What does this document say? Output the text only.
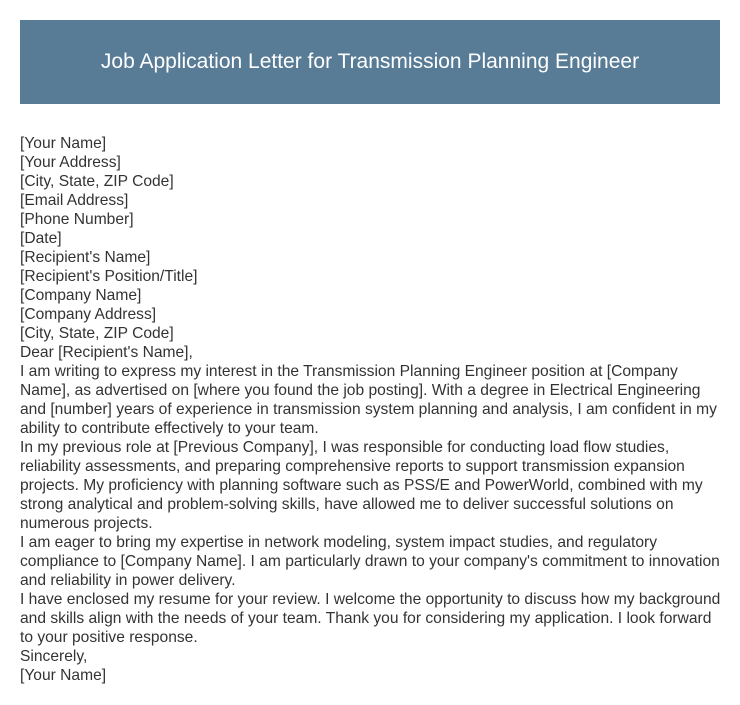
Job Application Letter for Transmission Planning Engineer
[Your Name]
[Your Address]
[City, State, ZIP Code]
[Email Address]
[Phone Number]
[Date]
[Recipient's Name]
[Recipient's Position/Title]
[Company Name]
[Company Address]
[City, State, ZIP Code]
Dear [Recipient's Name],
I am writing to express my interest in the Transmission Planning Engineer position at [Company Name], as advertised on [where you found the job posting]. With a degree in Electrical Engineering and [number] years of experience in transmission system planning and analysis, I am confident in my ability to contribute effectively to your team.
In my previous role at [Previous Company], I was responsible for conducting load flow studies, reliability assessments, and preparing comprehensive reports to support transmission expansion projects. My proficiency with planning software such as PSS/E and PowerWorld, combined with my strong analytical and problem-solving skills, have allowed me to deliver successful solutions on numerous projects.
I am eager to bring my expertise in network modeling, system impact studies, and regulatory compliance to [Company Name]. I am particularly drawn to your company's commitment to innovation and reliability in power delivery.
I have enclosed my resume for your review. I welcome the opportunity to discuss how my background and skills align with the needs of your team. Thank you for considering my application. I look forward to your positive response.
Sincerely,
[Your Name]
